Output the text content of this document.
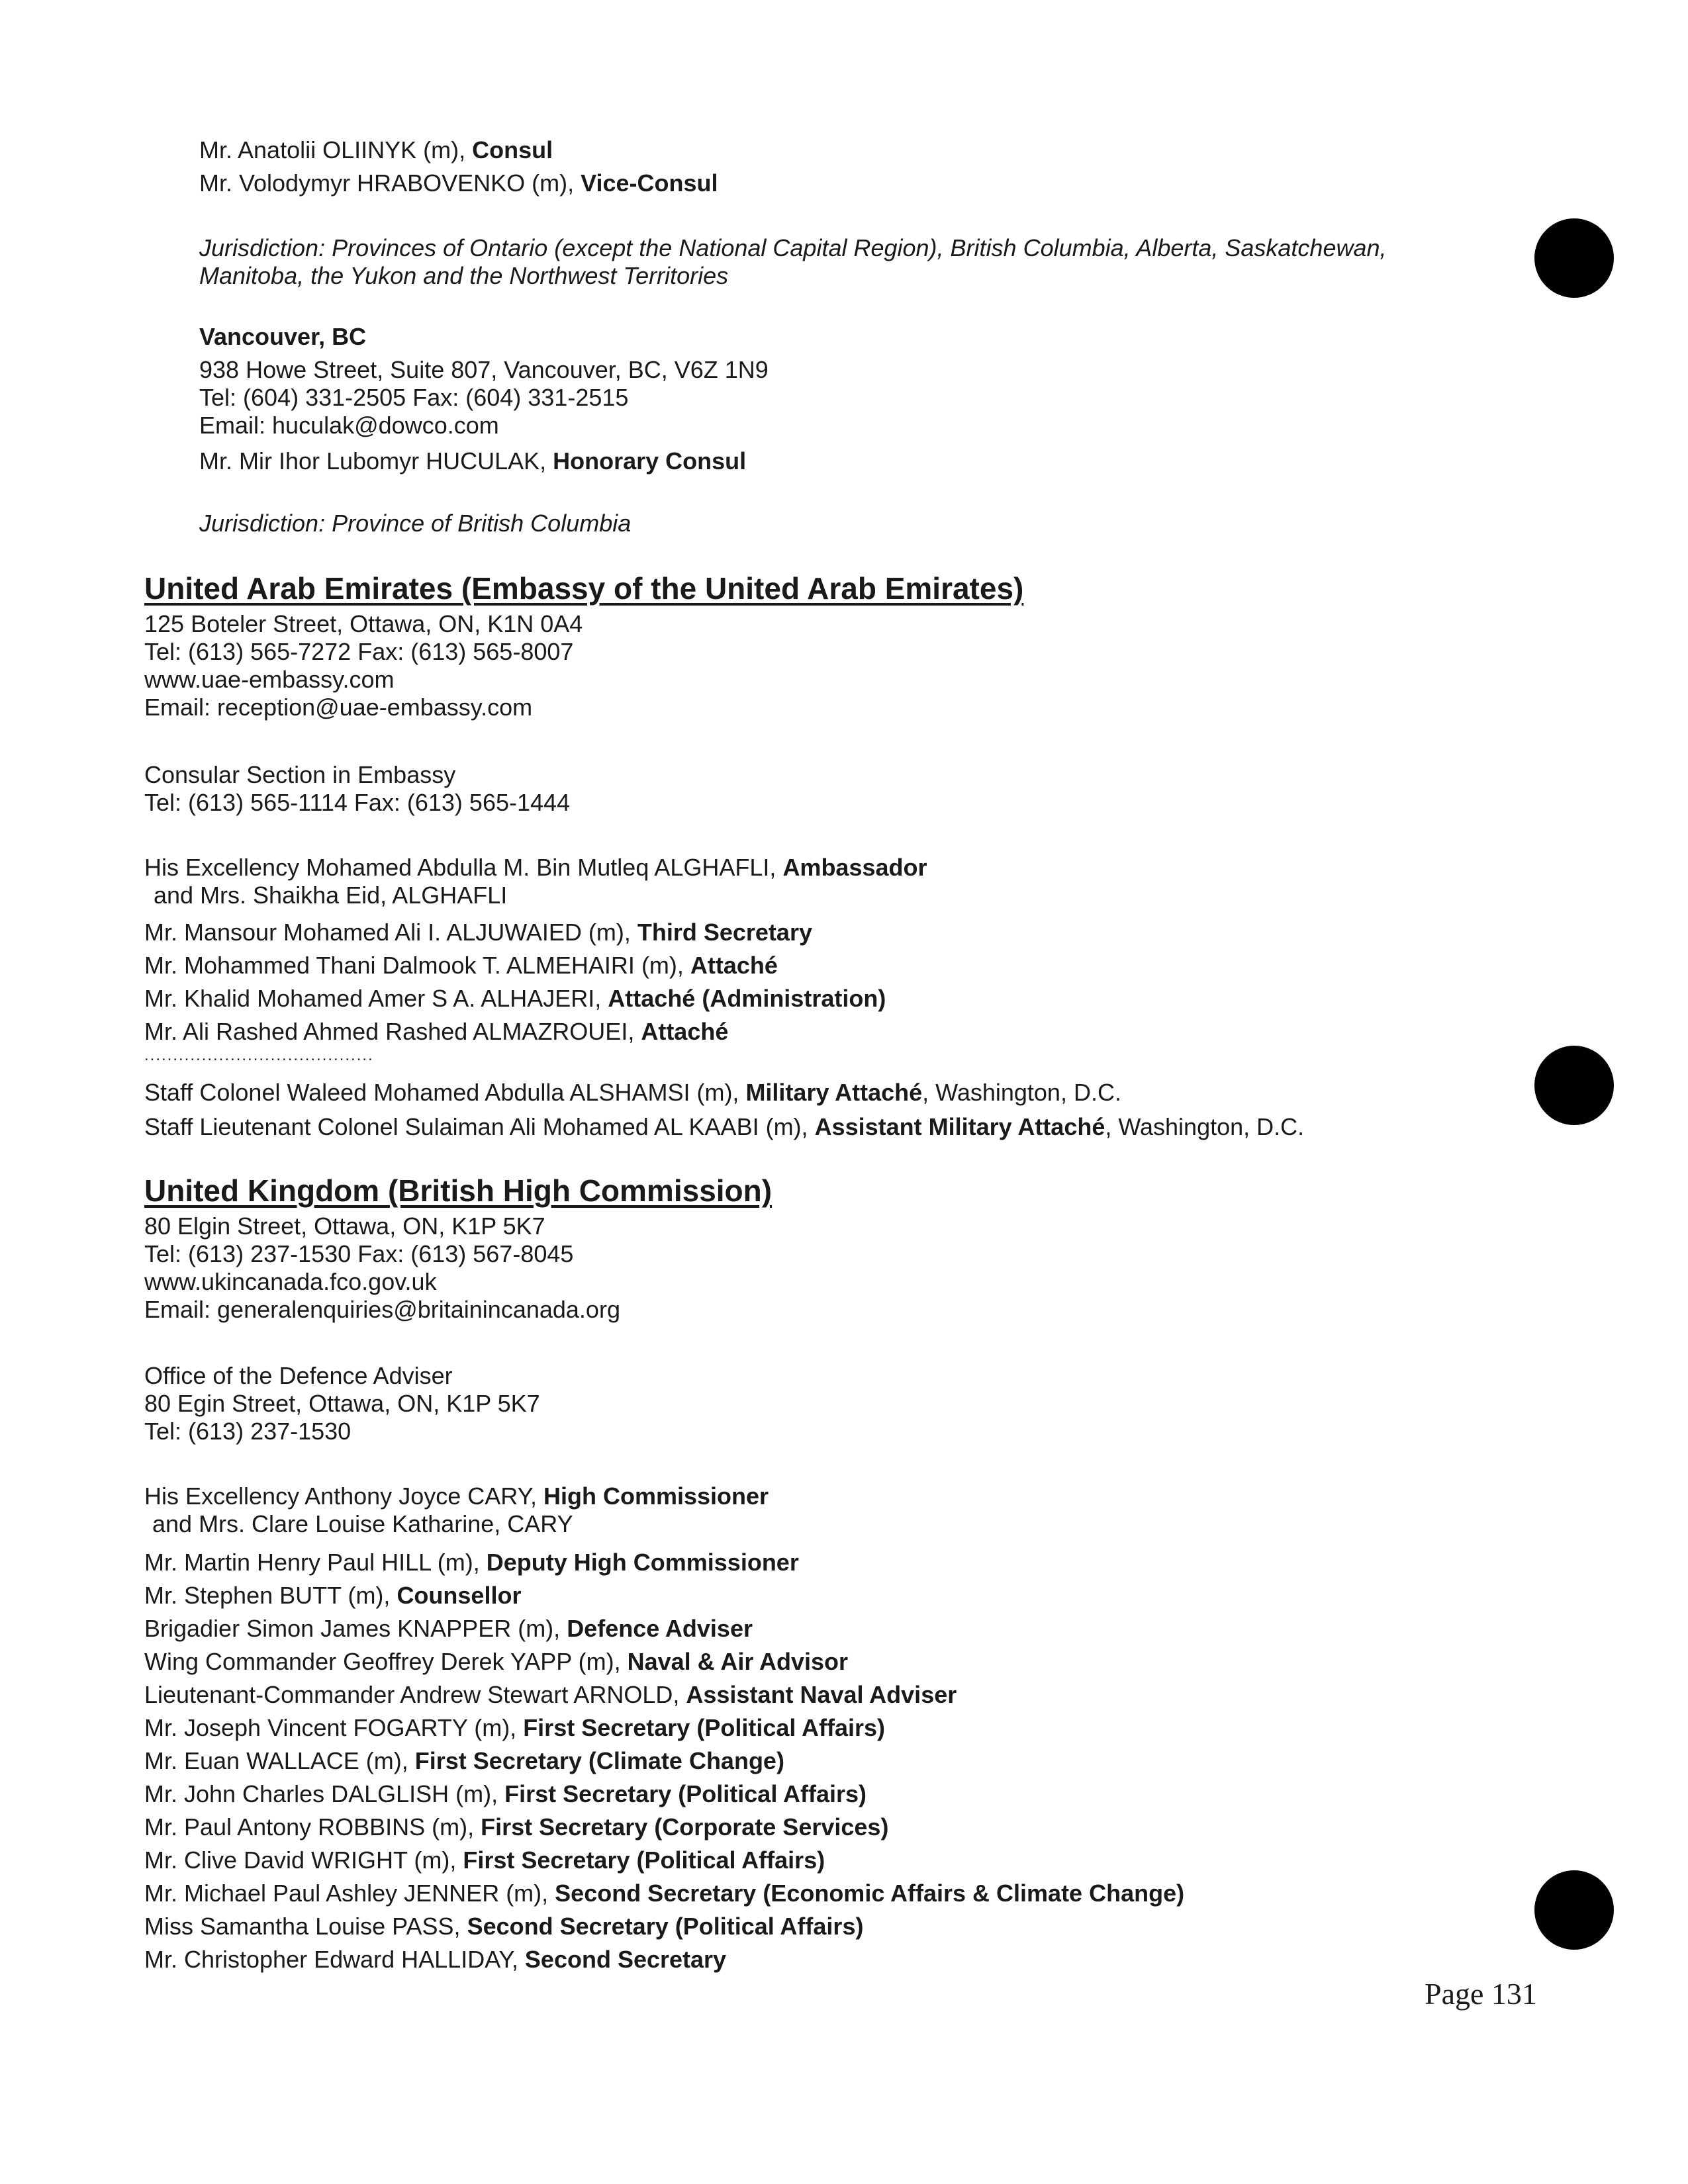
Mr. Anatolii OLIINYK (m), Consul
Mr. Volodymyr HRABOVENKO (m), Vice-Consul
Jurisdiction: Provinces of Ontario (except the National Capital Region), British Columbia, Alberta, Saskatchewan,
Manitoba, the Yukon and the Northwest Territories
Vancouver, BC
938 Howe Street, Suite 807, Vancouver, BC, V6Z 1N9
Tel: (604) 331-2505 Fax: (604) 331-2515
Email: huculak@dowco.com
Mr. Mir Ihor Lubomyr HUCULAK, Honorary Consul
Jurisdiction: Province of British Columbia
United Arab Emirates (Embassy of the United Arab Emirates)
125 Boteler Street, Ottawa, ON, K1N 0A4
Tel: (613) 565-7272 Fax: (613) 565-8007
www.uae-embassy.com
Email: reception@uae-embassy.com
Consular Section in Embassy
Tel: (613) 565-1114 Fax: (613) 565-1444
His Excellency Mohamed Abdulla M. Bin Mutleq ALGHAFLI, Ambassador
and Mrs. Shaikha Eid, ALGHAFLI
Mr. Mansour Mohamed Ali I. ALJUWAIED (m), Third Secretary
Mr. Mohammed Thani Dalmook T. ALMEHAIRI (m), Attaché
Mr. Khalid Mohamed Amer S A. ALHAJERI, Attaché (Administration)
Mr. Ali Rashed Ahmed Rashed ALMAZROUEI, Attaché
........................................
Staff Colonel Waleed Mohamed Abdulla ALSHAMSI (m), Military Attaché, Washington, D.C.
Staff Lieutenant Colonel Sulaiman Ali Mohamed AL KAABI (m), Assistant Military Attaché, Washington, D.C.
United Kingdom (British High Commission)
80 Elgin Street, Ottawa, ON, K1P 5K7
Tel: (613) 237-1530 Fax: (613) 567-8045
www.ukincanada.fco.gov.uk
Email: generalenquiries@britainincanada.org
Office of the Defence Adviser
80 Egin Street, Ottawa, ON, K1P 5K7
Tel: (613) 237-1530
His Excellency Anthony Joyce CARY, High Commissioner
and Mrs. Clare Louise Katharine, CARY
Mr. Martin Henry Paul HILL (m), Deputy High Commissioner
Mr. Stephen BUTT (m), Counsellor
Brigadier Simon James KNAPPER (m), Defence Adviser
Wing Commander Geoffrey Derek YAPP (m), Naval & Air Advisor
Lieutenant-Commander Andrew Stewart ARNOLD, Assistant Naval Adviser
Mr. Joseph Vincent FOGARTY (m), First Secretary (Political Affairs)
Mr. Euan WALLACE (m), First Secretary (Climate Change)
Mr. John Charles DALGLISH (m), First Secretary (Political Affairs)
Mr. Paul Antony ROBBINS (m), First Secretary (Corporate Services)
Mr. Clive David WRIGHT (m), First Secretary (Political Affairs)
Mr. Michael Paul Ashley JENNER (m), Second Secretary (Economic Affairs & Climate Change)
Miss Samantha Louise PASS, Second Secretary (Political Affairs)
Mr. Christopher Edward HALLIDAY, Second Secretary
Page 131
